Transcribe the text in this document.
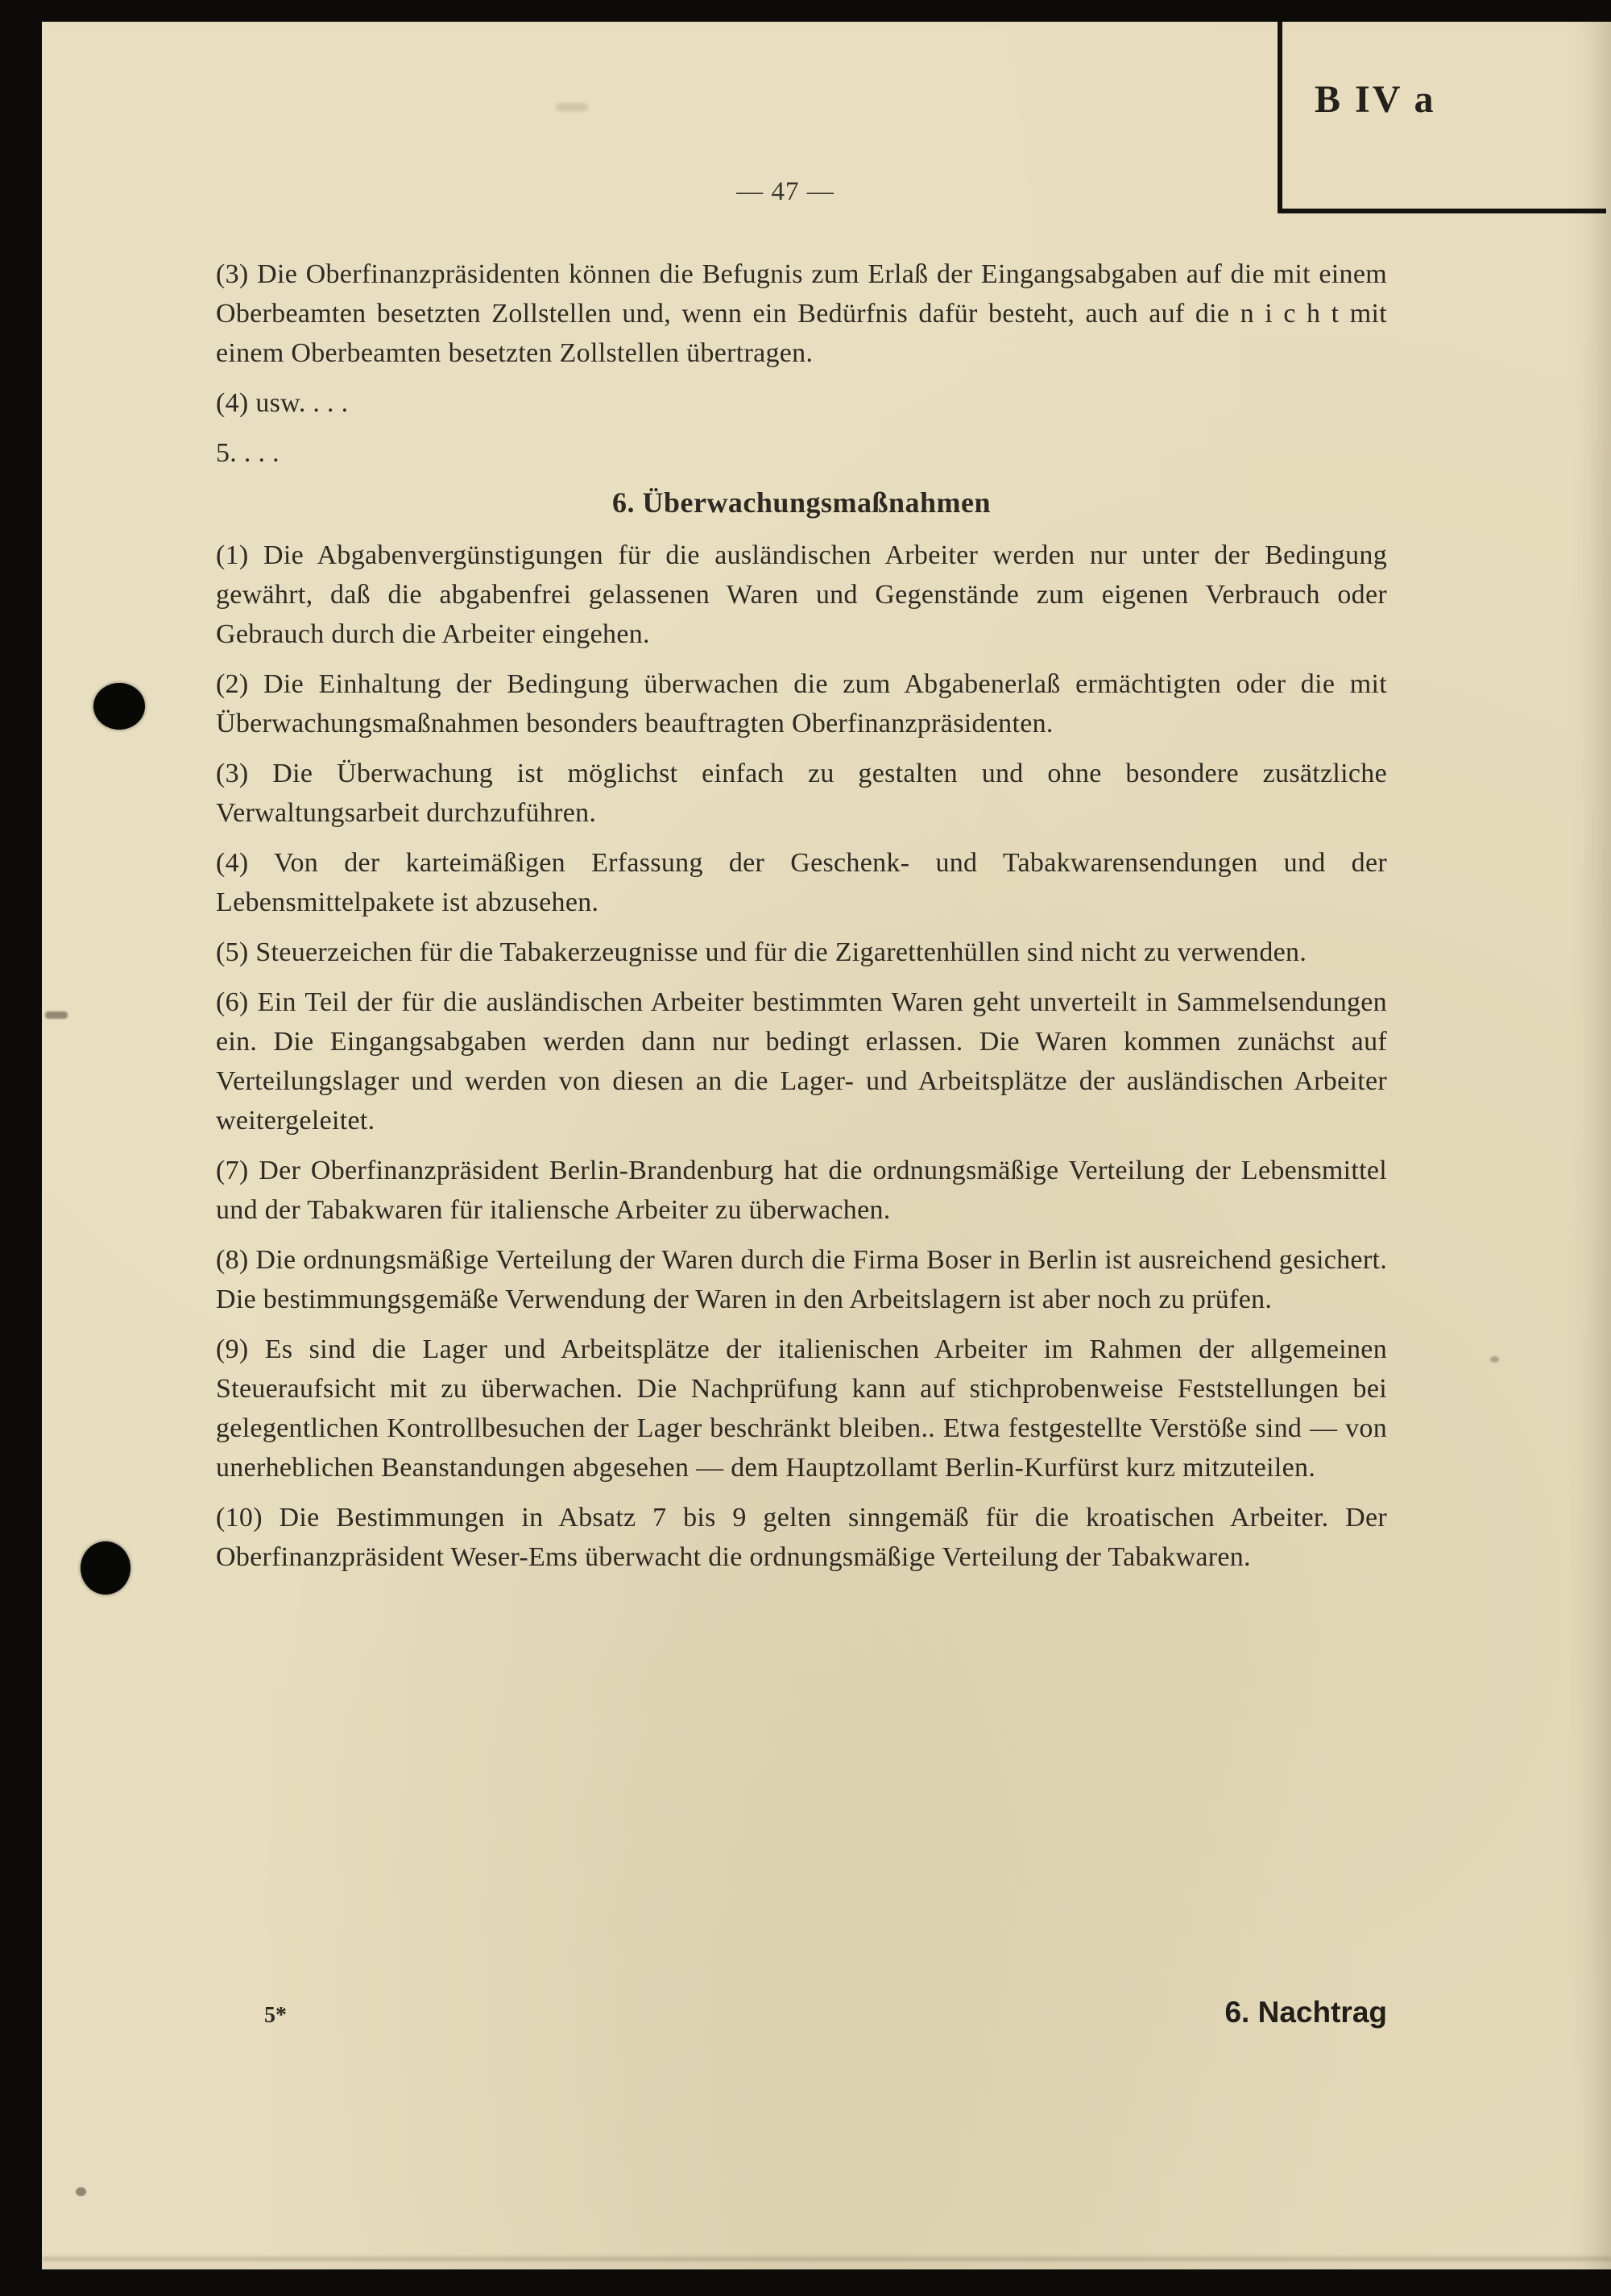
B IV a
— 47 —

(3) Die Oberfinanzpräsidenten können die Befugnis zum Erlaß der Eingangsabgaben auf die mit einem Oberbeamten besetzten Zollstellen und, wenn ein Bedürfnis dafür besteht, auch auf die n i c h t mit einem Oberbeamten besetzten Zollstellen übertragen.

(4) usw. . . .

5. . . .

6. Überwachungsmaßnahmen

(1) Die Abgabenvergünstigungen für die ausländischen Arbeiter werden nur unter der Bedingung gewährt, daß die abgabenfrei gelassenen Waren und Gegenstände zum eigenen Verbrauch oder Gebrauch durch die Arbeiter eingehen.

(2) Die Einhaltung der Bedingung überwachen die zum Abgabenerlaß ermächtigten oder die mit Überwachungsmaßnahmen besonders beauftragten Oberfinanzpräsidenten.

(3) Die Überwachung ist möglichst einfach zu gestalten und ohne besondere zusätzliche Verwaltungsarbeit durchzuführen.

(4) Von der karteimäßigen Erfassung der Geschenk- und Tabakwarensendungen und der Lebensmittelpakete ist abzusehen.

(5) Steuerzeichen für die Tabakerzeugnisse und für die Zigarettenhüllen sind nicht zu verwenden.

(6) Ein Teil der für die ausländischen Arbeiter bestimmten Waren geht unverteilt in Sammelsendungen ein. Die Eingangsabgaben werden dann nur bedingt erlassen. Die Waren kommen zunächst auf Verteilungslager und werden von diesen an die Lager- und Arbeitsplätze der ausländischen Arbeiter weitergeleitet.

(7) Der Oberfinanzpräsident Berlin-Brandenburg hat die ordnungsmäßige Verteilung der Lebensmittel und der Tabakwaren für italiensche Arbeiter zu überwachen.

(8) Die ordnungsmäßige Verteilung der Waren durch die Firma Boser in Berlin ist ausreichend gesichert. Die bestimmungsgemäße Verwendung der Waren in den Arbeitslagern ist aber noch zu prüfen.

(9) Es sind die Lager und Arbeitsplätze der italienischen Arbeiter im Rahmen der allgemeinen Steueraufsicht mit zu überwachen. Die Nachprüfung kann auf stichprobenweise Feststellungen bei gelegentlichen Kontrollbesuchen der Lager beschränkt bleiben.. Etwa festgestellte Verstöße sind — von unerheblichen Beanstandungen abgesehen — dem Hauptzollamt Berlin-Kurfürst kurz mitzuteilen.

(10) Die Bestimmungen in Absatz 7 bis 9 gelten sinngemäß für die kroatischen Arbeiter. Der Oberfinanzpräsident Weser-Ems überwacht die ordnungsmäßige Verteilung der Tabakwaren.

5*	6. Nachtrag
